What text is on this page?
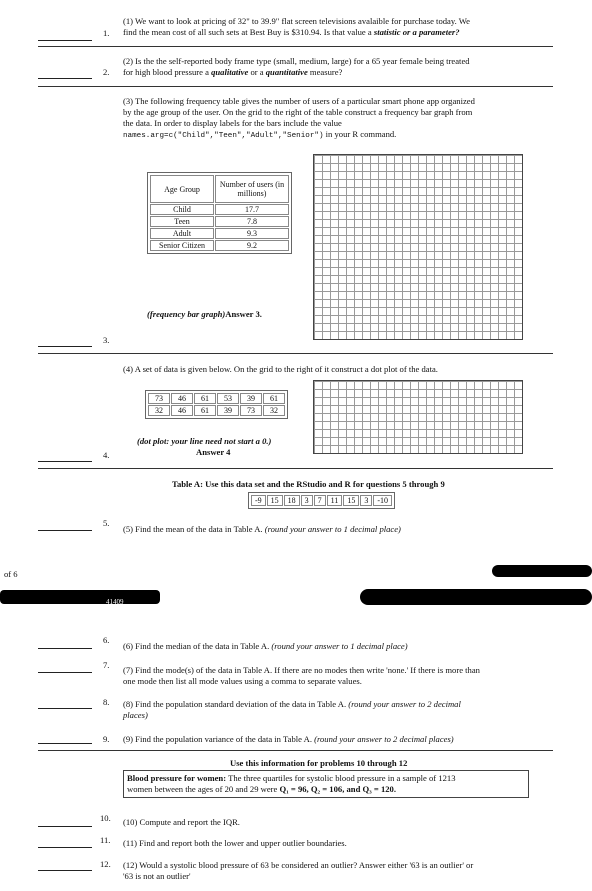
1.
(1) We want to look at pricing of 32" to 39.9" flat screen televisions avalaible for purchase today. We
find the mean cost of all such sets at Best Buy is $310.94. Is that value a statistic or a parameter?
2.
(2) Is the the self-reported body frame type (small, medium, large) for a 65 year female being treated
for high blood pressure a qualitative or a quantitative measure?
(3) The following frequency table gives the number of users of a particular smart phone app organized
by the age group of the user. On the grid to the right of the table construct a frequency bar graph from
the data. In order to display labels for the bars include the value
names.arg=c("Child","Teen","Adult","Senior") in your R command.
Age Group	Number of users (in millions)
Child	17.7
Teen	7.8
Adult	9.3
Senior Citizen	9.2
(frequency bar graph)Answer 3.
3.
(4) A set of data is given below. On the grid to the right of it construct a dot plot of the data.
73	46	61	53	39	61
32	46	61	39	73	32
(dot plot: your line need not start a 0.)
Answer 4
4.
Table A: Use this data set and the RStudio and R for questions 5 through 9
-9	15	18	3	7	11	15	3	-10
5.
(5) Find the mean of the data in Table A. (round your answer to 1 decimal place)
of 6
41409
6.
(6) Find the median of the data in Table A. (round your answer to 1 decimal place)
7. (7) Find the mode(s) of the data in Table A. If there are no modes then write 'none.' If there is more than
one mode then list all mode values using a comma to separate values.
8. (8) Find the population standard deviation of the data in Table A. (round your answer to 2 decimal
places)
9. (9) Find the population variance of the data in Table A. (round your answer to 2 decimal places)
Use this information for problems 10 through 12
Blood pressure for women: The three quartiles for systolic blood pressure in a sample of 1213
women between the ages of 20 and 29 were Q₁ = 96, Q₂ = 106, and Q₃ = 120.
10. (10) Compute and report the IQR.
11. (11) Find and report both the lower and upper outlier boundaries.
12. (12) Would a systolic blood pressure of 63 be considered an outlier? Answer either '63 is an outlier' or
'63 is not an outlier'
